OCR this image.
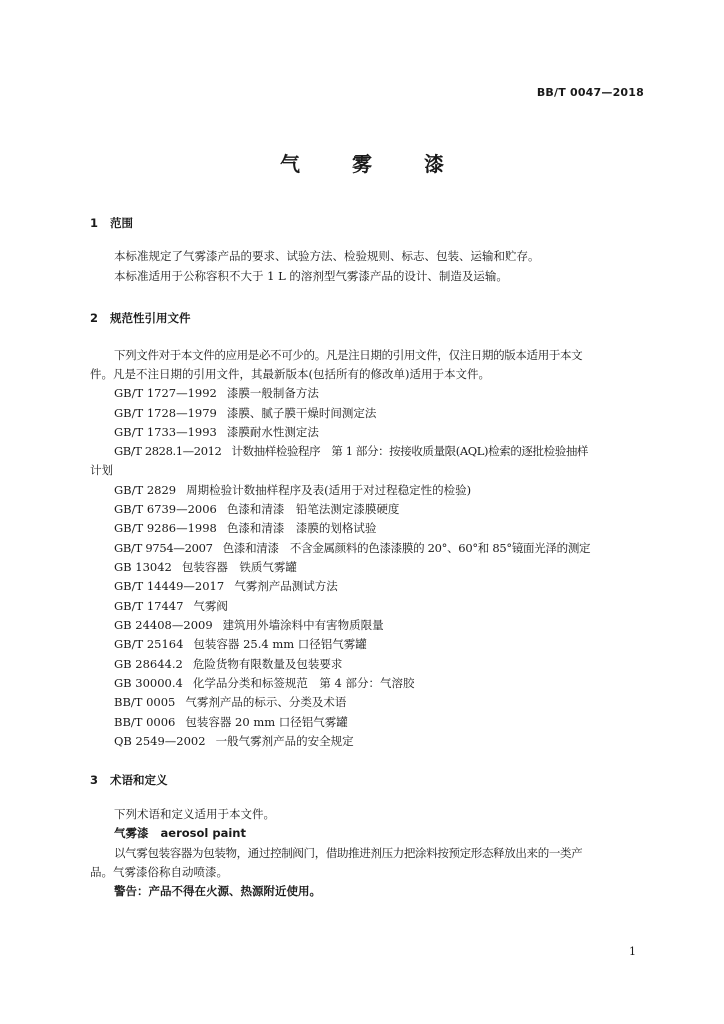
BB/T 0047—2018
气	雾	漆
1 范围
本标准规定了气雾漆产品的要求、试验方法、检验规则、标志、包装、运输和贮存。
本标准适用于公称容积不大于 1 L 的溶剂型气雾漆产品的设计、制造及运输。
2 规范性引用文件
下列文件对于本文件的应用是必不可少的。凡是注日期的引用文件，仅注日期的版本适用于本文
件。凡是不注日期的引用文件，其最新版本(包括所有的修改单)适用于本文件。
GB/T 1727—1992 漆膜一般制备方法
GB/T 1728—1979 漆膜、腻子膜干燥时间测定法
GB/T 1733—1993 漆膜耐水性测定法
GB/T 2828.1—2012 计数抽样检验程序　第 1 部分：按接收质量限(AQL)检索的逐批检验抽样
计划
GB/T 2829 周期检验计数抽样程序及表(适用于对过程稳定性的检验)
GB/T 6739—2006 色漆和清漆　铅笔法测定漆膜硬度
GB/T 9286—1998 色漆和清漆　漆膜的划格试验
GB/T 9754—2007 色漆和清漆　不含金属颜料的色漆漆膜的 20°、60°和 85°镜面光泽的测定
GB 13042 包装容器　铁质气雾罐
GB/T 14449—2017 气雾剂产品测试方法
GB/T 17447 气雾阀
GB 24408—2009 建筑用外墙涂料中有害物质限量
GB/T 25164 包装容器 25.4 mm 口径铝气雾罐
GB 28644.2 危险货物有限数量及包装要求
GB 30000.4 化学品分类和标签规范　第 4 部分：气溶胶
BB/T 0005 气雾剂产品的标示、分类及术语
BB/T 0006 包装容器 20 mm 口径铝气雾罐
QB 2549—2002 一般气雾剂产品的安全规定
3 术语和定义
下列术语和定义适用于本文件。
气雾漆 aerosol paint
以气雾包装容器为包装物，通过控制阀门，借助推进剂压力把涂料按预定形态释放出来的一类产
品。气雾漆俗称自动喷漆。
警告：产品不得在火源、热源附近使用。
1
